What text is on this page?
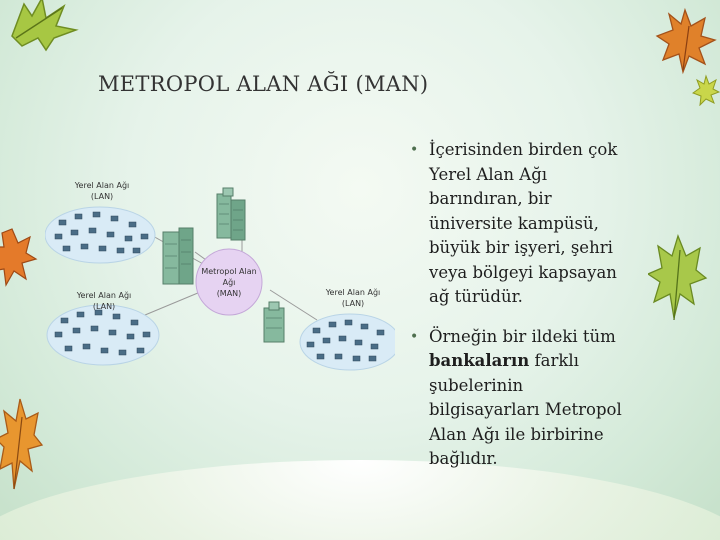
METROPOL ALAN AĞI (MAN)
Yerel Alan Ağı
(LAN)
Yerel Alan Ağı
(LAN)
Yerel Alan Ağı
(LAN)
Metropol Alan
Ağı
(MAN)
• İçerisinden birden çok Yerel Alan Ağı barındıran, bir üniversite kampüsü, büyük bir işyeri, şehri veya bölgeyi kapsayan ağ türüdür.
• Örneğin bir ildeki tüm bankaların farklı şubelerinin bilgisayarları Metropol Alan Ağı ile birbirine bağlıdır.
